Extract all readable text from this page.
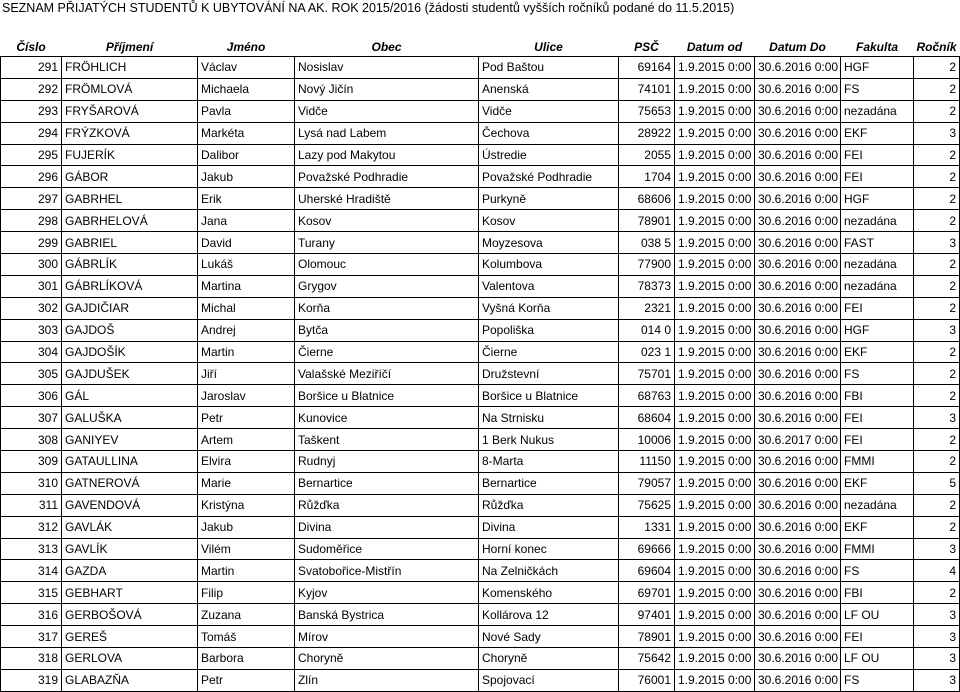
SEZNAM PŘIJATÝCH STUDENTŮ K UBYTOVÁNÍ NA AK. ROK 2015/2016 (žádosti studentů vyšších ročníků podané do 11.5.2015)
Číslo	Příjmení	Jméno	Obec	Ulice	PSČ	Datum od	Datum Do	Fakulta	Ročník
291	FRÖHLICH	Václav	Nosislav	Pod Baštou	69164	1.9.2015 0:00	30.6.2016 0:00	HGF	2
292	FRÖMLOVÁ	Michaela	Nový Jičín	Anenská	74101	1.9.2015 0:00	30.6.2016 0:00	FS	2
293	FRYŠAROVÁ	Pavla	Vidče	Vidče	75653	1.9.2015 0:00	30.6.2016 0:00	nezadána	2
294	FRÝZKOVÁ	Markéta	Lysá nad Labem	Čechova	28922	1.9.2015 0:00	30.6.2016 0:00	EKF	3
295	FUJERÍK	Dalibor	Lazy pod Makytou	Ústredie	2055	1.9.2015 0:00	30.6.2016 0:00	FEI	2
296	GÁBOR	Jakub	Považské Podhradie	Považské Podhradie	1704	1.9.2015 0:00	30.6.2016 0:00	FEI	2
297	GABRHEL	Erik	Uherské Hradiště	Purkyně	68606	1.9.2015 0:00	30.6.2016 0:00	HGF	2
298	GABRHELOVÁ	Jana	Kosov	Kosov	78901	1.9.2015 0:00	30.6.2016 0:00	nezadána	2
299	GABRIEL	David	Turany	Moyzesova	038 5	1.9.2015 0:00	30.6.2016 0:00	FAST	3
300	GÁBRLÍK	Lukáš	Olomouc	Kolumbova	77900	1.9.2015 0:00	30.6.2016 0:00	nezadána	2
301	GÁBRLÍKOVÁ	Martina	Grygov	Valentova	78373	1.9.2015 0:00	30.6.2016 0:00	nezadána	2
302	GAJDIČIAR	Michal	Korňa	Vyšná Korňa	2321	1.9.2015 0:00	30.6.2016 0:00	FEI	2
303	GAJDOŠ	Andrej	Bytča	Popoliška	014 0	1.9.2015 0:00	30.6.2016 0:00	HGF	3
304	GAJDOŠÍK	Martin	Čierne	Čierne	023 1	1.9.2015 0:00	30.6.2016 0:00	EKF	2
305	GAJDUŠEK	Jiří	Valašské Meziříčí	Družstevní	75701	1.9.2015 0:00	30.6.2016 0:00	FS	2
306	GÁL	Jaroslav	Boršice u Blatnice	Boršice u Blatnice	68763	1.9.2015 0:00	30.6.2016 0:00	FBI	2
307	GALUŠKA	Petr	Kunovice	Na Strnisku	68604	1.9.2015 0:00	30.6.2016 0:00	FEI	3
308	GANIYEV	Artem	Taškent	1 Berk Nukus	10006	1.9.2015 0:00	30.6.2017 0:00	FEI	2
309	GATAULLINA	Elvira	Rudnyj	8-Marta	11150	1.9.2015 0:00	30.6.2016 0:00	FMMI	2
310	GATNEROVÁ	Marie	Bernartice	Bernartice	79057	1.9.2015 0:00	30.6.2016 0:00	EKF	5
311	GAVENDOVÁ	Kristýna	Růžďka	Růžďka	75625	1.9.2015 0:00	30.6.2016 0:00	nezadána	2
312	GAVLÁK	Jakub	Divina	Divina	1331	1.9.2015 0:00	30.6.2016 0:00	EKF	2
313	GAVLÍK	Vilém	Sudoměřice	Horní konec	69666	1.9.2015 0:00	30.6.2016 0:00	FMMI	3
314	GAZDA	Martin	Svatobořice-Mistřín	Na Zelničkách	69604	1.9.2015 0:00	30.6.2016 0:00	FS	4
315	GEBHART	Filip	Kyjov	Komenského	69701	1.9.2015 0:00	30.6.2016 0:00	FBI	2
316	GERBOŠOVÁ	Zuzana	Banská Bystrica	Kollárova 12	97401	1.9.2015 0:00	30.6.2016 0:00	LF OU	3
317	GEREŠ	Tomáš	Mírov	Nové Sady	78901	1.9.2015 0:00	30.6.2016 0:00	FEI	3
318	GERLOVA	Barbora	Choryně	Choryně	75642	1.9.2015 0:00	30.6.2016 0:00	LF OU	3
319	GLABAZŇA	Petr	Zlín	Spojovací	76001	1.9.2015 0:00	30.6.2016 0:00	FS	3
